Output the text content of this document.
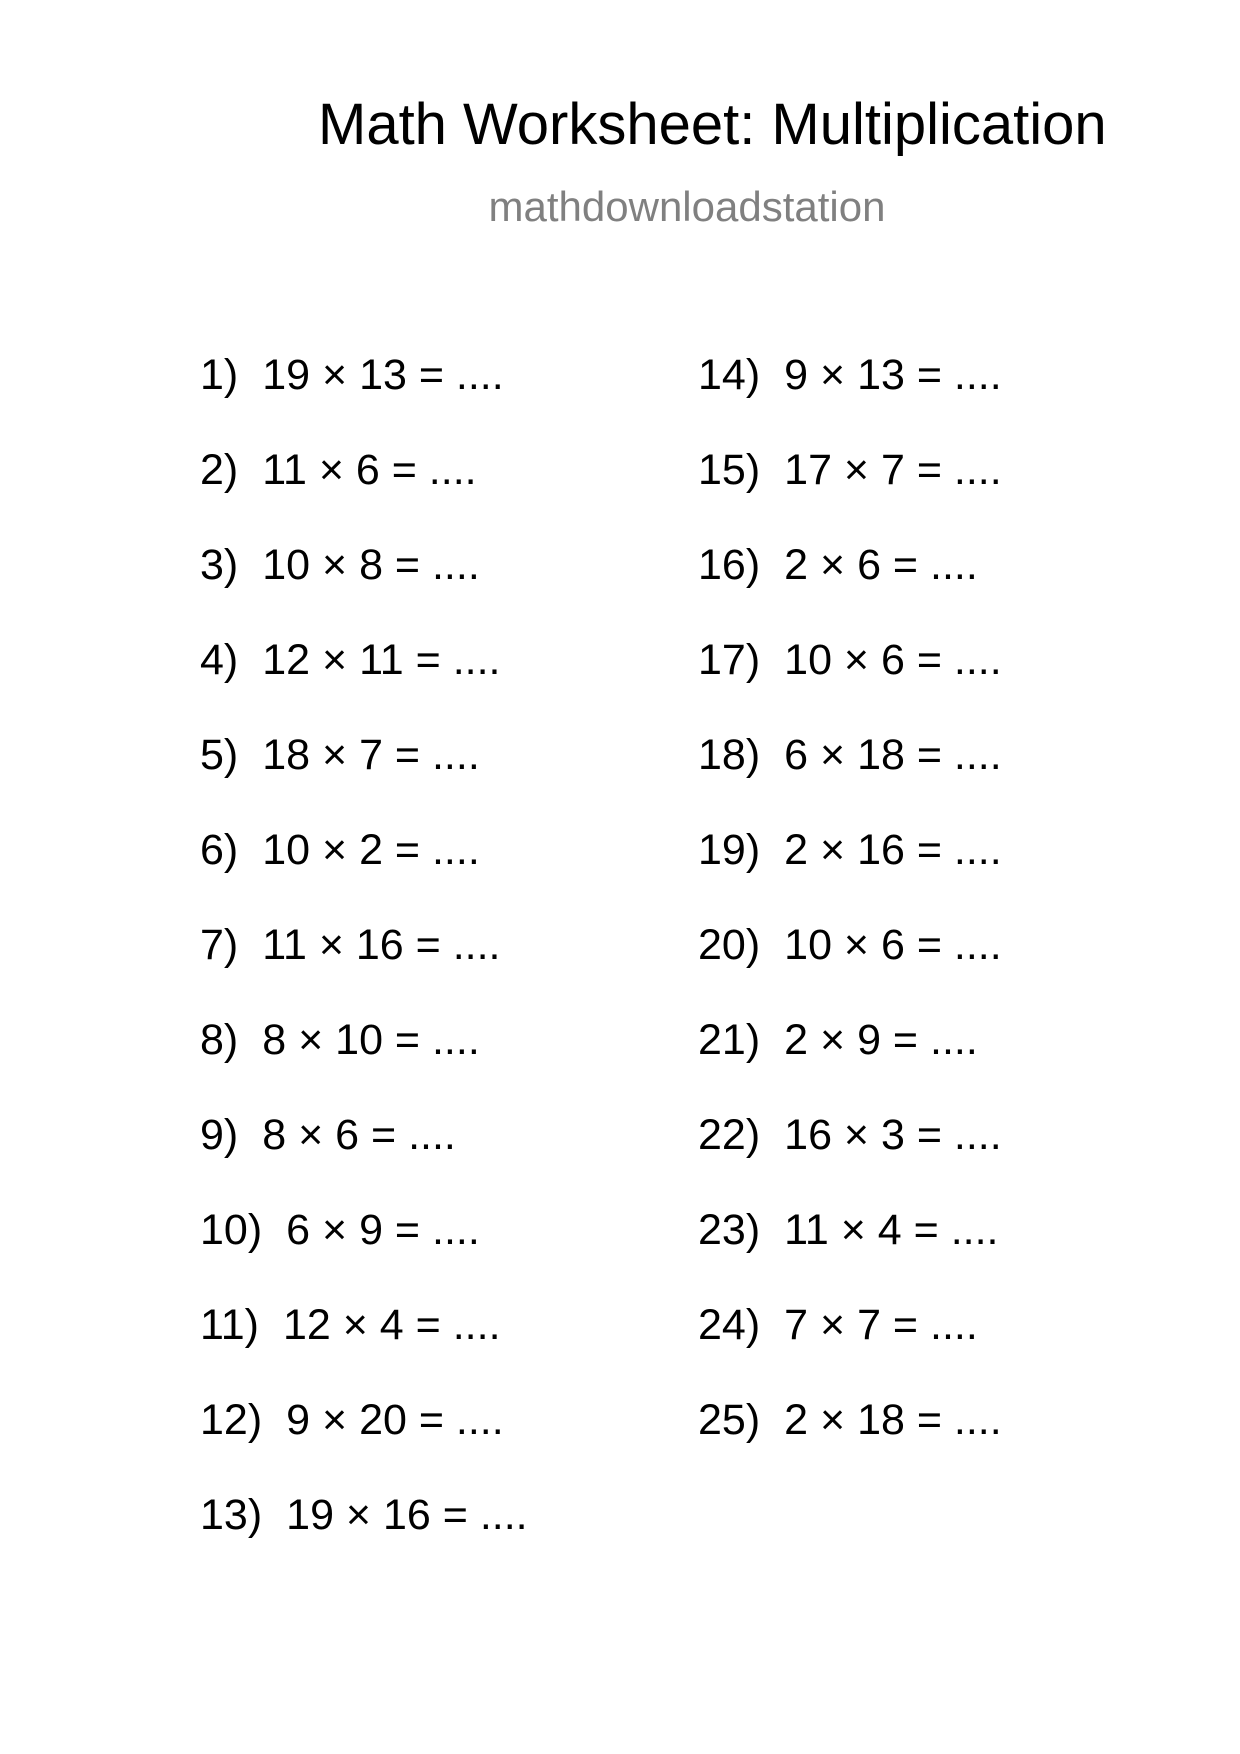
Math Worksheet: Multiplication
mathdownloadstation
1) 19 × 13 = ....
2) 11 × 6 = ....
3) 10 × 8 = ....
4) 12 × 11 = ....
5) 18 × 7 = ....
6) 10 × 2 = ....
7) 11 × 16 = ....
8) 8 × 10 = ....
9) 8 × 6 = ....
10) 6 × 9 = ....
11) 12 × 4 = ....
12) 9 × 20 = ....
13) 19 × 16 = ....
14) 9 × 13 = ....
15) 17 × 7 = ....
16) 2 × 6 = ....
17) 10 × 6 = ....
18) 6 × 18 = ....
19) 2 × 16 = ....
20) 10 × 6 = ....
21) 2 × 9 = ....
22) 16 × 3 = ....
23) 11 × 4 = ....
24) 7 × 7 = ....
25) 2 × 18 = ....
